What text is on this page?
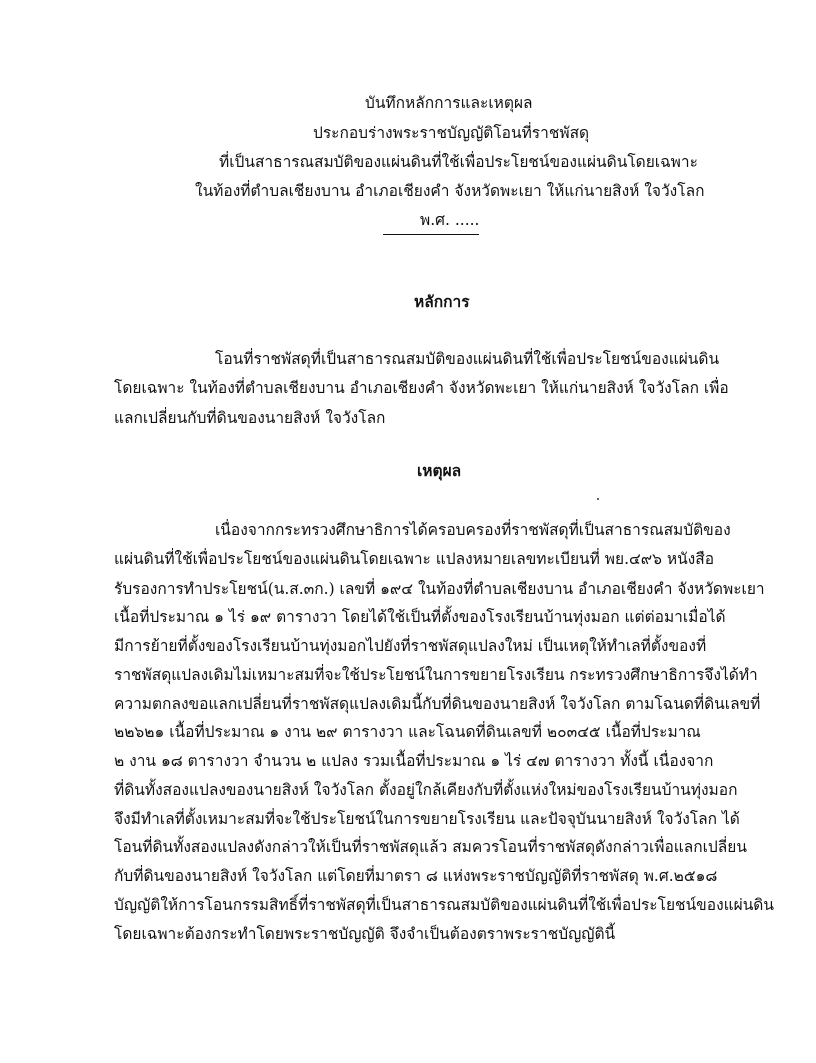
บันทึกหลักการและเหตุผล
ประกอบร่างพระราชบัญญัติโอนที่ราชพัสดุ
ที่เป็นสาธารณสมบัติของแผ่นดินที่ใช้เพื่อประโยชน์ของแผ่นดินโดยเฉพาะ
ในท้องที่ตำบลเชียงบาน อำเภอเชียงคำ จังหวัดพะเยา ให้แก่นายสิงห์ ใจวังโลก
พ.ศ. .....
หลักการ
โอนที่ราชพัสดุที่เป็นสาธารณสมบัติของแผ่นดินที่ใช้เพื่อประโยชน์ของแผ่นดิน
โดยเฉพาะ ในท้องที่ตำบลเชียงบาน อำเภอเชียงคำ จังหวัดพะเยา ให้แก่นายสิงห์ ใจวังโลก เพื่อ
แลกเปลี่ยนกับที่ดินของนายสิงห์ ใจวังโลก
เหตุผล
เนื่องจากกระทรวงศึกษาธิการได้ครอบครองที่ราชพัสดุที่เป็นสาธารณสมบัติของ
แผ่นดินที่ใช้เพื่อประโยชน์ของแผ่นดินโดยเฉพาะ แปลงหมายเลขทะเบียนที่ พย.๔๙๖ หนังสือ
รับรองการทำประโยชน์(น.ส.๓ก.) เลขที่ ๑๙๔ ในท้องที่ตำบลเชียงบาน อำเภอเชียงคำ จังหวัดพะเยา
เนื้อที่ประมาณ ๑ ไร่ ๑๙ ตารางวา โดยได้ใช้เป็นที่ตั้งของโรงเรียนบ้านทุ่งมอก แต่ต่อมาเมื่อได้
มีการย้ายที่ตั้งของโรงเรียนบ้านทุ่งมอกไปยังที่ราชพัสดุแปลงใหม่ เป็นเหตุให้ทำเลที่ตั้งของที่
ราชพัสดุแปลงเดิมไม่เหมาะสมที่จะใช้ประโยชน์ในการขยายโรงเรียน กระทรวงศึกษาธิการจึงได้ทำ
ความตกลงขอแลกเปลี่ยนที่ราชพัสดุแปลงเดิมนี้กับที่ดินของนายสิงห์ ใจวังโลก ตามโฉนดที่ดินเลขที่
๒๒๖๒๑ เนื้อที่ประมาณ ๑ งาน ๒๙ ตารางวา และโฉนดที่ดินเลขที่ ๒๐๓๔๕ เนื้อที่ประมาณ
๒ งาน ๑๘ ตารางวา จำนวน ๒ แปลง รวมเนื้อที่ประมาณ ๑ ไร่ ๔๗ ตารางวา ทั้งนี้ เนื่องจาก
ที่ดินทั้งสองแปลงของนายสิงห์ ใจวังโลก ตั้งอยู่ใกล้เคียงกับที่ตั้งแห่งใหม่ของโรงเรียนบ้านทุ่งมอก
จึงมีทำเลที่ตั้งเหมาะสมที่จะใช้ประโยชน์ในการขยายโรงเรียน และปัจจุบันนายสิงห์ ใจวังโลก ได้
โอนที่ดินทั้งสองแปลงดังกล่าวให้เป็นที่ราชพัสดุแล้ว สมควรโอนที่ราชพัสดุดังกล่าวเพื่อแลกเปลี่ยน
กับที่ดินของนายสิงห์ ใจวังโลก แต่โดยที่มาตรา ๘ แห่งพระราชบัญญัติที่ราชพัสดุ พ.ศ.๒๕๑๘
บัญญัติให้การโอนกรรมสิทธิ์ที่ราชพัสดุที่เป็นสาธารณสมบัติของแผ่นดินที่ใช้เพื่อประโยชน์ของแผ่นดิน
โดยเฉพาะต้องกระทำโดยพระราชบัญญัติ จึงจำเป็นต้องตราพระราชบัญญัตินี้
